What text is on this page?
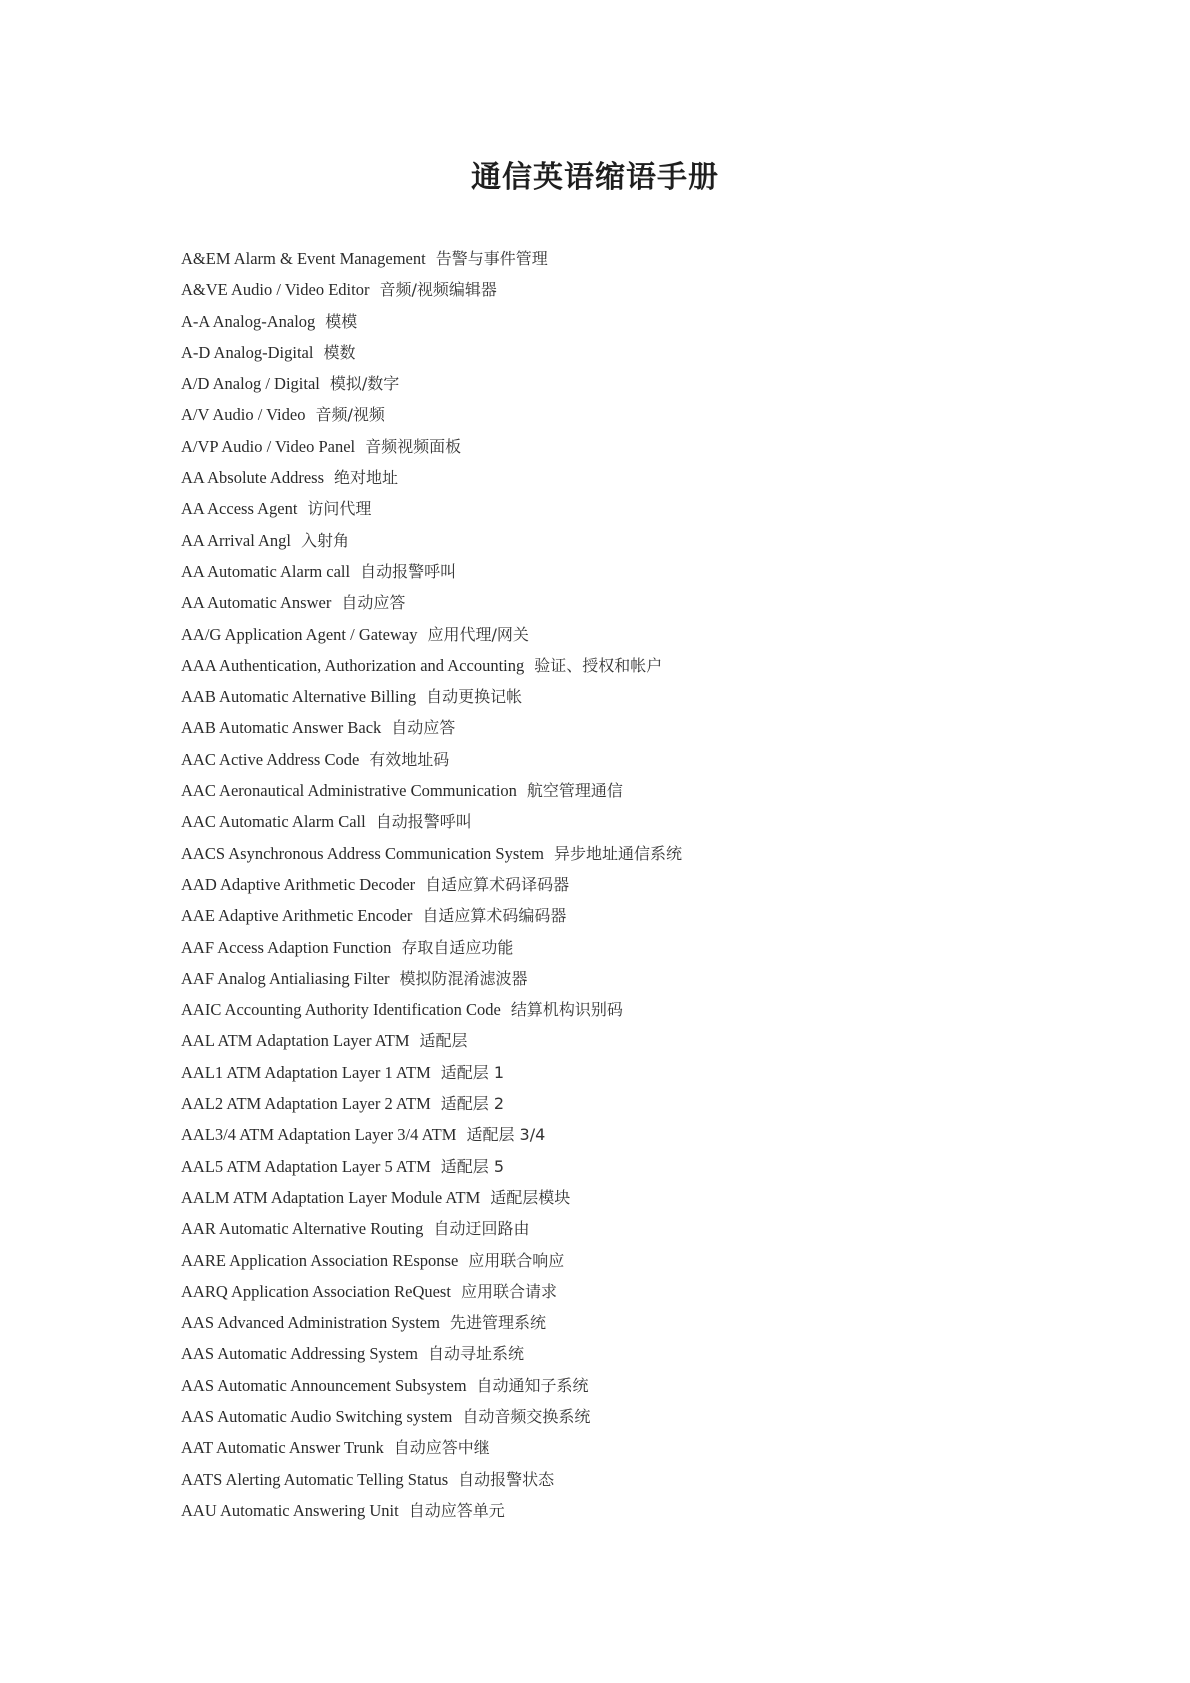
通信英语缩语手册
A&EM Alarm & Event Management 告警与事件管理
A&VE Audio / Video Editor 音频/视频编辑器
A-A Analog-Analog 模模
A-D Analog-Digital 模数
A/D Analog / Digital 模拟/数字
A/V Audio / Video 音频/视频
A/VP Audio / Video Panel 音频视频面板
AA Absolute Address 绝对地址
AA Access Agent 访问代理
AA Arrival Angl 入射角
AA Automatic Alarm call 自动报警呼叫
AA Automatic Answer 自动应答
AA/G Application Agent / Gateway 应用代理/网关
AAA Authentication, Authorization and Accounting 验证、授权和帐户
AAB Automatic Alternative Billing 自动更换记帐
AAB Automatic Answer Back 自动应答
AAC Active Address Code 有效地址码
AAC Aeronautical Administrative Communication 航空管理通信
AAC Automatic Alarm Call 自动报警呼叫
AACS Asynchronous Address Communication System 异步地址通信系统
AAD Adaptive Arithmetic Decoder 自适应算术码译码器
AAE Adaptive Arithmetic Encoder 自适应算术码编码器
AAF Access Adaption Function 存取自适应功能
AAF Analog Antialiasing Filter 模拟防混淆滤波器
AAIC Accounting Authority Identification Code 结算机构识别码
AAL ATM Adaptation Layer ATM 适配层
AAL1 ATM Adaptation Layer 1 ATM 适配层 1
AAL2 ATM Adaptation Layer 2 ATM 适配层 2
AAL3/4 ATM Adaptation Layer 3/4 ATM 适配层 3/4
AAL5 ATM Adaptation Layer 5 ATM 适配层 5
AALM ATM Adaptation Layer Module ATM 适配层模块
AAR Automatic Alternative Routing 自动迂回路由
AARE Application Association REsponse 应用联合响应
AARQ Application Association ReQuest 应用联合请求
AAS Advanced Administration System 先进管理系统
AAS Automatic Addressing System 自动寻址系统
AAS Automatic Announcement Subsystem 自动通知子系统
AAS Automatic Audio Switching system 自动音频交换系统
AAT Automatic Answer Trunk 自动应答中继
AATS Alerting Automatic Telling Status 自动报警状态
AAU Automatic Answering Unit 自动应答单元
